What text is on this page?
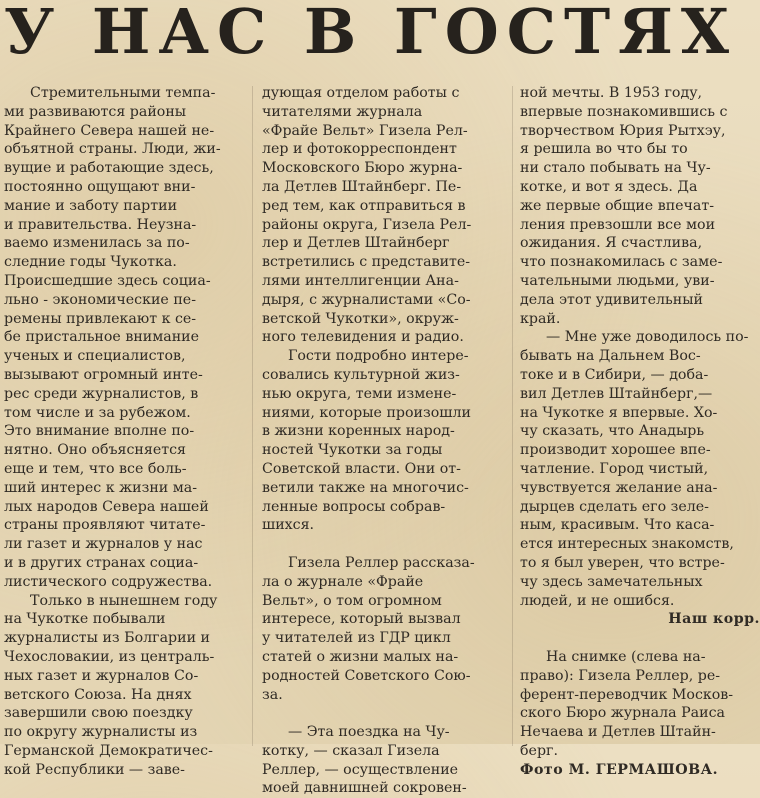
У НАС В ГОСТЯХ
Стремительными темпа-
ми развиваются районы
Крайнего Севера нашей не-
объятной страны. Люди, жи-
вущие и работающие здесь,
постоянно ощущают вни-
мание и заботу партии
и правительства. Неузна-
ваемо изменилась за по-
следние годы Чукотка.
Происшедшие здесь социа-
льно - экономические пе-
ремены привлекают к се-
бе пристальное внимание
ученых и специалистов,
вызывают огромный инте-
рес среди журналистов, в
том числе и за рубежом.
Это внимание вполне по-
нятно. Оно объясняется
еще и тем, что все боль-
ший интерес к жизни ма-
лых народов Севера нашей
страны проявляют читате-
ли газет и журналов у нас
и в других странах социа-
листического содружества.
Только в нынешнем году
на Чукотке побывали
журналисты из Болгарии и
Чехословакии, из централь-
ных газет и журналов Со-
ветского Союза. На днях
завершили свою поездку
по округу журналисты из
Германской Демократичес-
кой Республики — заве-
дующая отделом работы с
читателями журнала
«Фрайе Вельт» Гизела Рел-
лер и фотокорреспондент
Московского Бюро журна-
ла Детлев Штайнберг. Пе-
ред тем, как отправиться в
районы округа, Гизела Рел-
лер и Детлев Штайнберг
встретились с представите-
лями интеллигенции Ана-
дыря, с журналистами «Со-
ветской Чукотки», окруж-
ного телевидения и радио.
Гости подробно интере-
совались культурной жиз-
нью округа, теми измене-
ниями, которые произошли
в жизни коренных народ-
ностей Чукотки за годы
Советской власти. Они от-
ветили также на многочис-
ленные вопросы собрав-
шихся.
Гизела Реллер рассказа-
ла о журнале «Фрайе
Вельт», о том огромном
интересе, который вызвал
у читателей из ГДР цикл
статей о жизни малых на-
родностей Советского Сою-
за.
— Эта поездка на Чу-
котку, — сказал Гизела
Реллер, — осуществление
моей давнишней сокровен-
ной мечты. В 1953 году,
впервые познакомившись с
творчеством Юрия Рытхэу,
я решила во что бы то
ни стало побывать на Чу-
котке, и вот я здесь. Да
же первые общие впечат-
ления превзошли все мои
ожидания. Я счастлива,
что познакомилась с заме-
чательными людьми, уви-
дела этот удивительный
край.
— Мне уже доводилось по-
бывать на Дальнем Вос-
токе и в Сибири, — доба-
вил Детлев Штайнберг,—
на Чукотке я впервые. Хо-
чу сказать, что Анадырь
производит хорошее впе-
чатление. Город чистый,
чувствуется желание ана-
дырцев сделать его зеле-
ным, красивым. Что каса-
ется интересных знакомств,
то я был уверен, что встре-
чу здесь замечательных
людей, и не ошибся.
Наш корр.
На снимке (слева на-
право): Гизела Реллер, ре-
ферент-переводчик Москов-
ского Бюро журнала Раиса
Нечаева и Детлев Штайн-
берг.
Фото М. ГЕРМАШОВА.
